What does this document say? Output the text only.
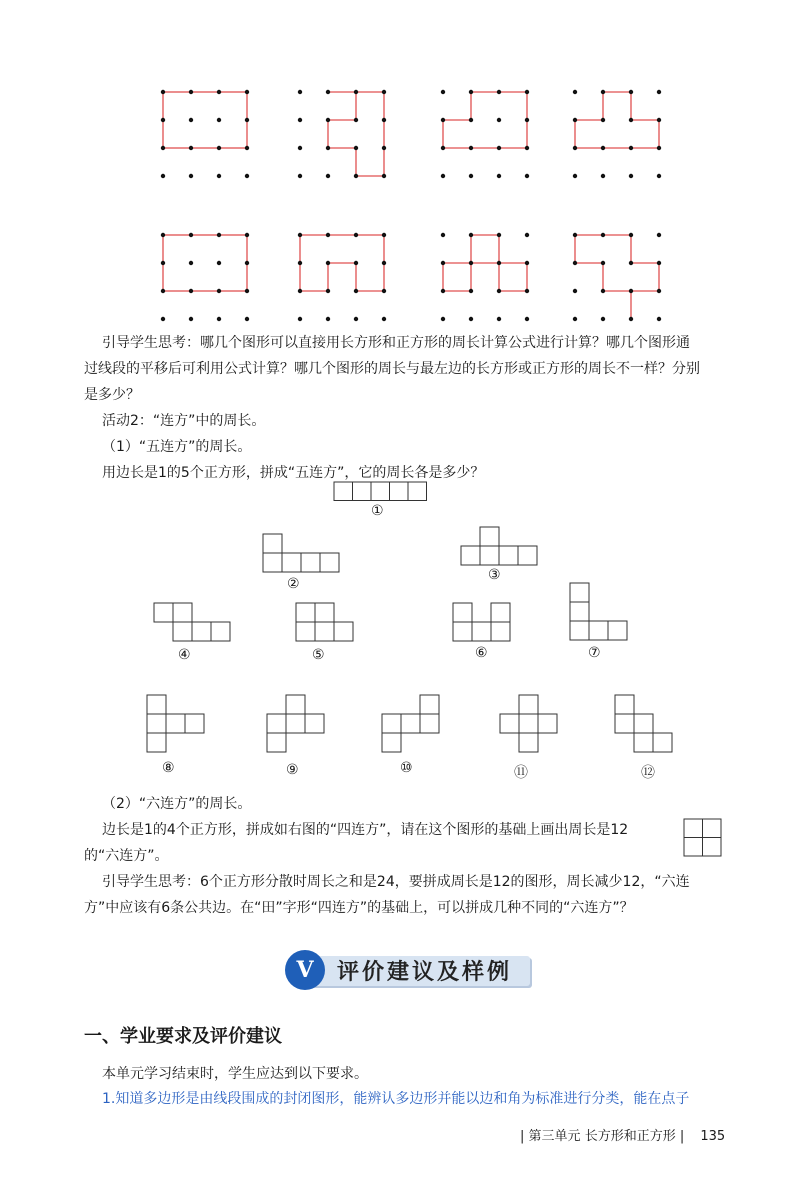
引导学生思考：哪几个图形可以直接用长方形和正方形的周长计算公式进行计算？哪几个图形通
过线段的平移后可利用公式计算？哪几个图形的周长与最左边的长方形或正方形的周长不一样？分别
是多少？
活动2：“连方”中的周长。
（1）“五连方”的周长。
用边长是1的5个正方形，拼成“五连方”，它的周长各是多少？
①
②
③
④	⑤	⑥	⑦
⑧	⑨	⑩	⑪	⑫
（2）“六连方”的周长。
边长是1的4个正方形，拼成如右图的“四连方”，请在这个图形的基础上画出周长是12
的“六连方”。
引导学生思考：6个正方形分散时周长之和是24，要拼成周长是12的图形，周长减少12，“六连
方”中应该有6条公共边。在“田”字形“四连方”的基础上，可以拼成几种不同的“六连方”？
V	评价建议及样例
一、学业要求及评价建议
本单元学习结束时，学生应达到以下要求。
1.知道多边形是由线段围成的封闭图形，能辨认多边形并能以边和角为标准进行分类，能在点子
| 第三单元 长方形和正方形 | 135
